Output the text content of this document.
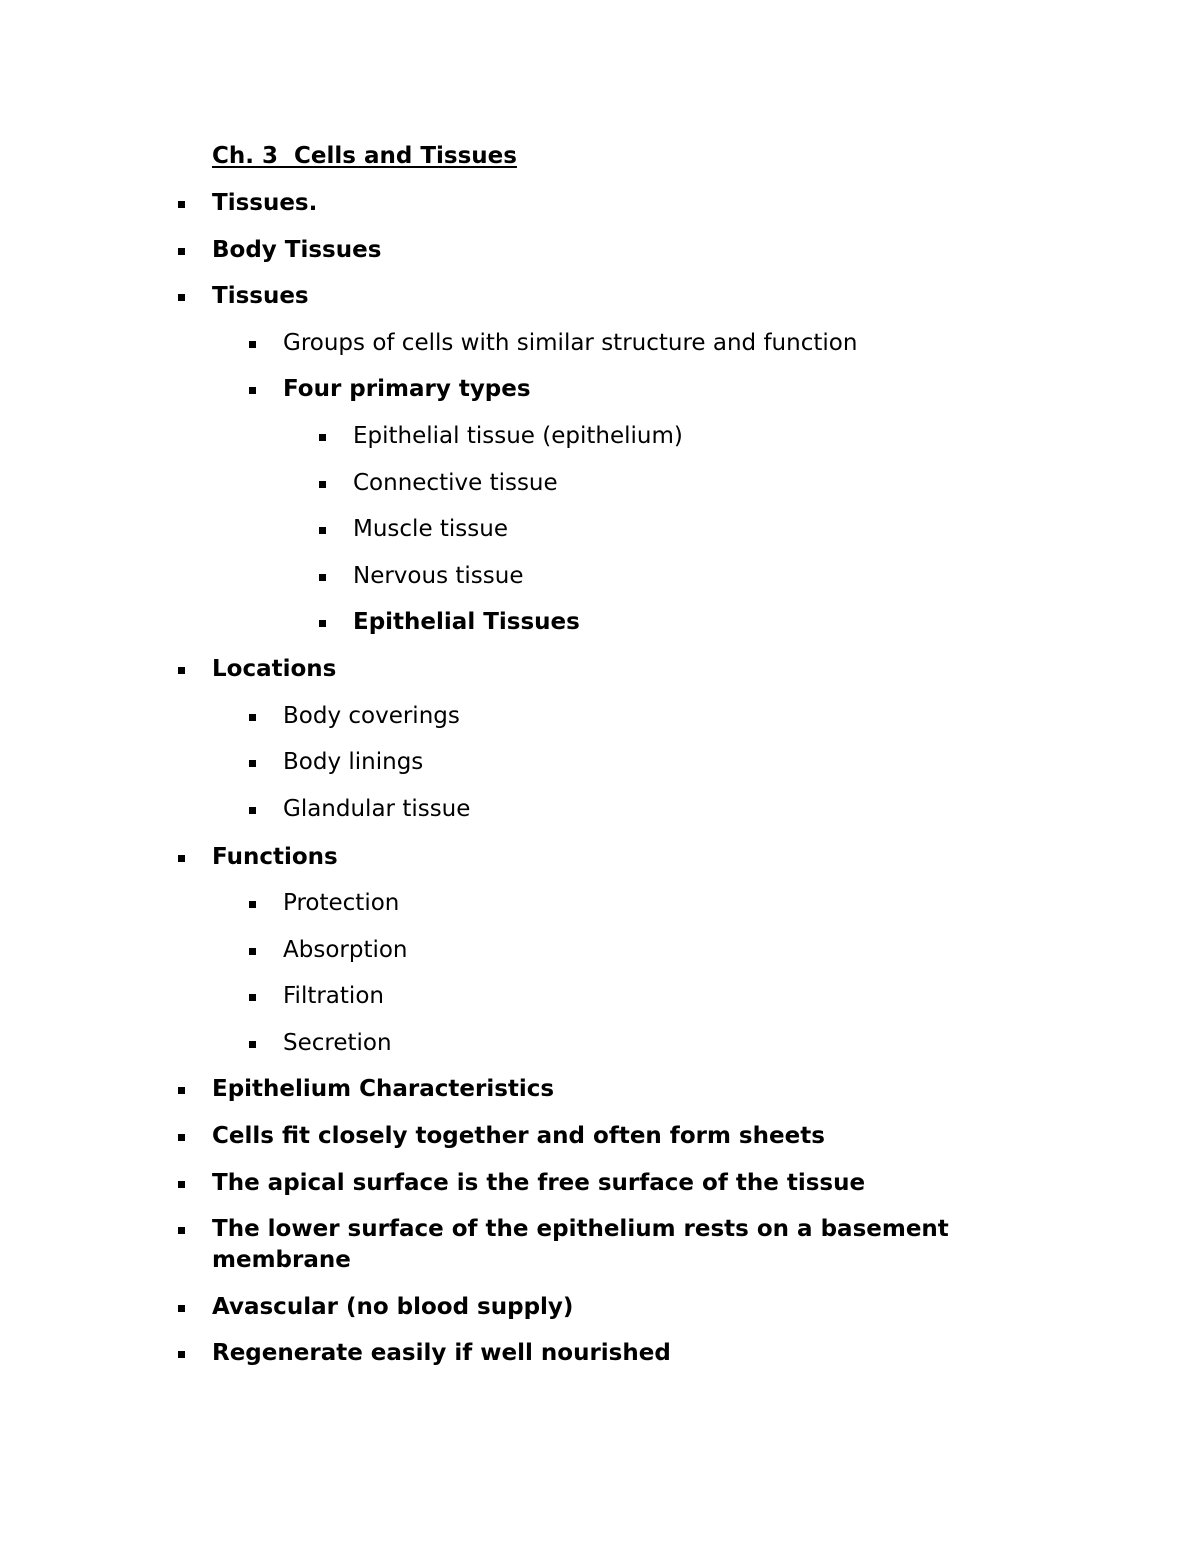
Ch. 3  Cells and Tissues
Tissues.
Body Tissues
Tissues
Groups of cells with similar structure and function
Four primary types
Epithelial tissue (epithelium)
Connective tissue
Muscle tissue
Nervous tissue
Epithelial Tissues
Locations
Body coverings
Body linings
Glandular tissue
Functions
Protection
Absorption
Filtration
Secretion
Epithelium Characteristics
Cells fit closely together and often form sheets
The apical surface is the free surface of the tissue
The lower surface of the epithelium rests on a basement membrane
Avascular (no blood supply)
Regenerate easily if well nourished
